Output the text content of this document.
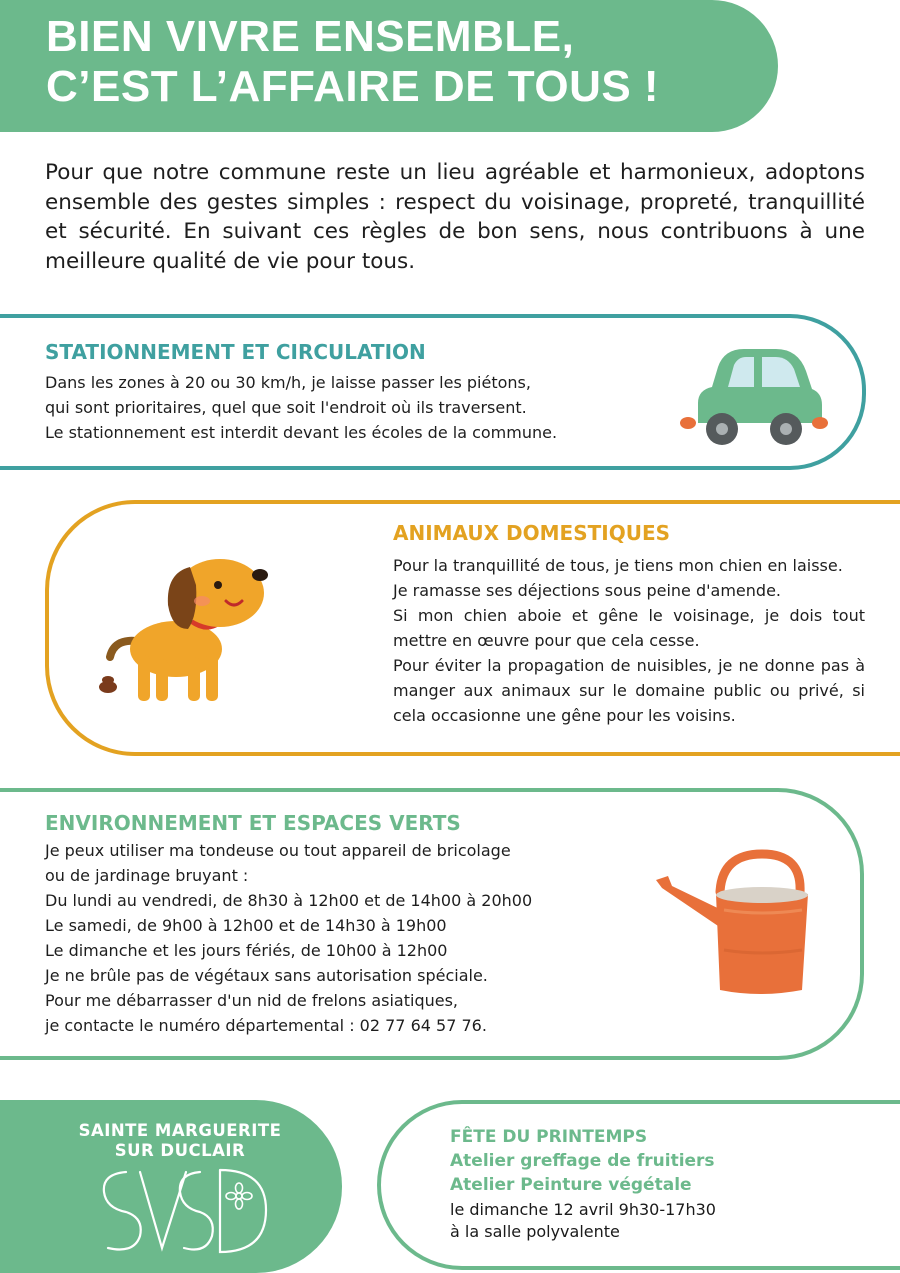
BIEN VIVRE ENSEMBLE,
C’EST L’AFFAIRE DE TOUS !
Pour que notre commune reste un lieu agréable et harmonieux, adoptons ensemble des gestes simples : respect du voisinage, propreté, tranquillité et sécurité. En suivant ces règles de bon sens, nous contribuons à une meilleure qualité de vie pour tous.
STATIONNEMENT ET CIRCULATION
Dans les zones à 20 ou 30 km/h, je laisse passer les piétons,
qui sont prioritaires, quel que soit l'endroit où ils traversent.
Le stationnement est interdit devant les écoles de la commune.
ANIMAUX DOMESTIQUES
Pour la tranquillité de tous, je tiens mon chien en laisse.
Je ramasse ses déjections sous peine d'amende.
Si mon chien aboie et gêne le voisinage, je dois tout mettre en œuvre pour que cela cesse.
Pour éviter la propagation de nuisibles, je ne donne pas à manger aux animaux sur le domaine public ou privé, si cela occasionne une gêne pour les voisins.
ENVIRONNEMENT ET ESPACES VERTS
Je peux utiliser ma tondeuse ou tout appareil de bricolage
ou de jardinage bruyant :
Du lundi au vendredi, de 8h30 à 12h00 et de 14h00 à 20h00
Le samedi, de 9h00 à 12h00 et de 14h30 à 19h00
Le dimanche et les jours fériés, de 10h00 à 12h00
Je ne brûle pas de végétaux sans autorisation spéciale.
Pour me débarrasser d'un nid de frelons asiatiques,
je contacte le numéro départemental : 02 77 64 57 76.
SAINTE MARGUERITE
SUR DUCLAIR
FÊTE DU PRINTEMPS
Atelier greffage de fruitiers
Atelier Peinture végétale
le dimanche 12 avril 9h30-17h30
à la salle polyvalente
